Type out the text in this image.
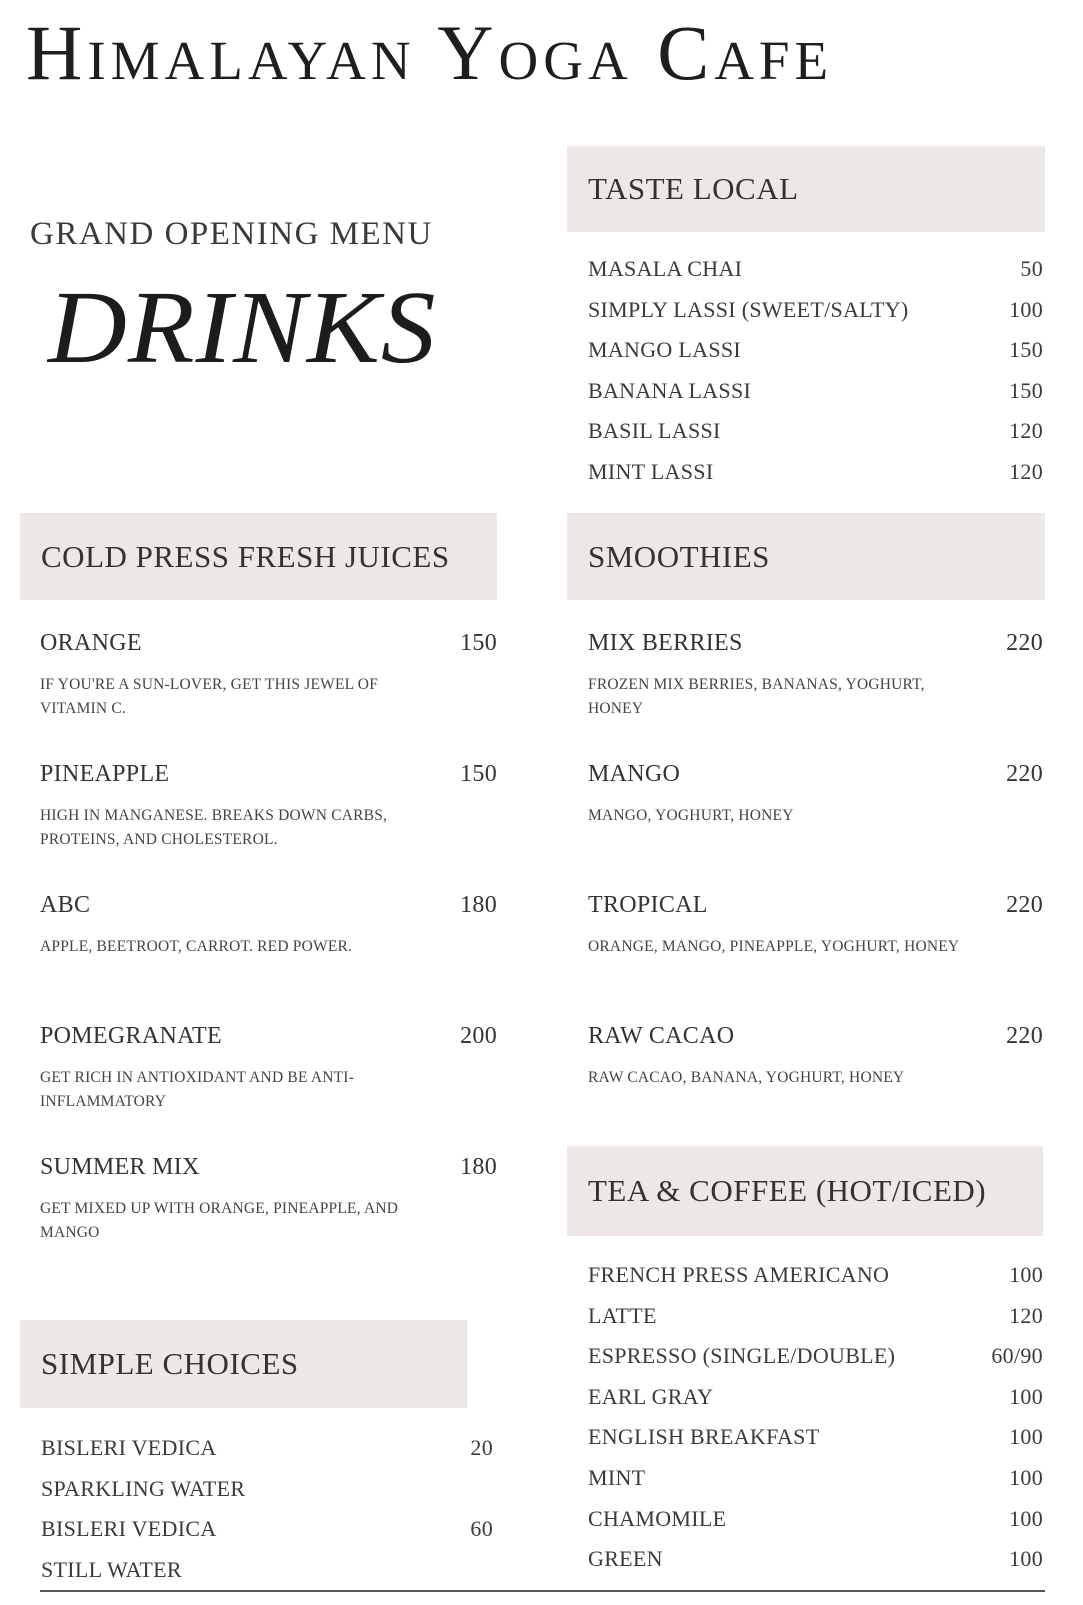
Himalayan Yoga Cafe
GRAND OPENING MENU
DRINKS
TASTE LOCAL
MASALA CHAI	50
SIMPLY LASSI (SWEET/SALTY)	100
MANGO LASSI	150
BANANA LASSI	150
BASIL LASSI	120
MINT LASSI	120
COLD PRESS FRESH JUICES
ORANGE	150
IF YOU'RE A SUN-LOVER, GET THIS JEWEL OF VITAMIN C.
PINEAPPLE	150
HIGH IN MANGANESE. BREAKS DOWN CARBS, PROTEINS, AND CHOLESTEROL.
ABC	180
APPLE, BEETROOT, CARROT. RED POWER.
POMEGRANATE	200
GET RICH IN ANTIOXIDANT AND BE ANTI-INFLAMMATORY
SUMMER MIX	180
GET MIXED UP WITH ORANGE, PINEAPPLE, AND MANGO
SMOOTHIES
MIX BERRIES	220
FROZEN MIX BERRIES, BANANAS, YOGHURT, HONEY
MANGO	220
MANGO, YOGHURT, HONEY
TROPICAL	220
ORANGE, MANGO, PINEAPPLE, YOGHURT, HONEY
RAW CACAO	220
RAW CACAO, BANANA, YOGHURT, HONEY
TEA & COFFEE (HOT/ICED)
FRENCH PRESS AMERICANO	100
LATTE	120
ESPRESSO (SINGLE/DOUBLE)	60/90
EARL GRAY	100
ENGLISH BREAKFAST	100
MINT	100
CHAMOMILE	100
GREEN	100
SIMPLE CHOICES
BISLERI VEDICA	20
SPARKLING WATER
BISLERI VEDICA	60
STILL WATER
